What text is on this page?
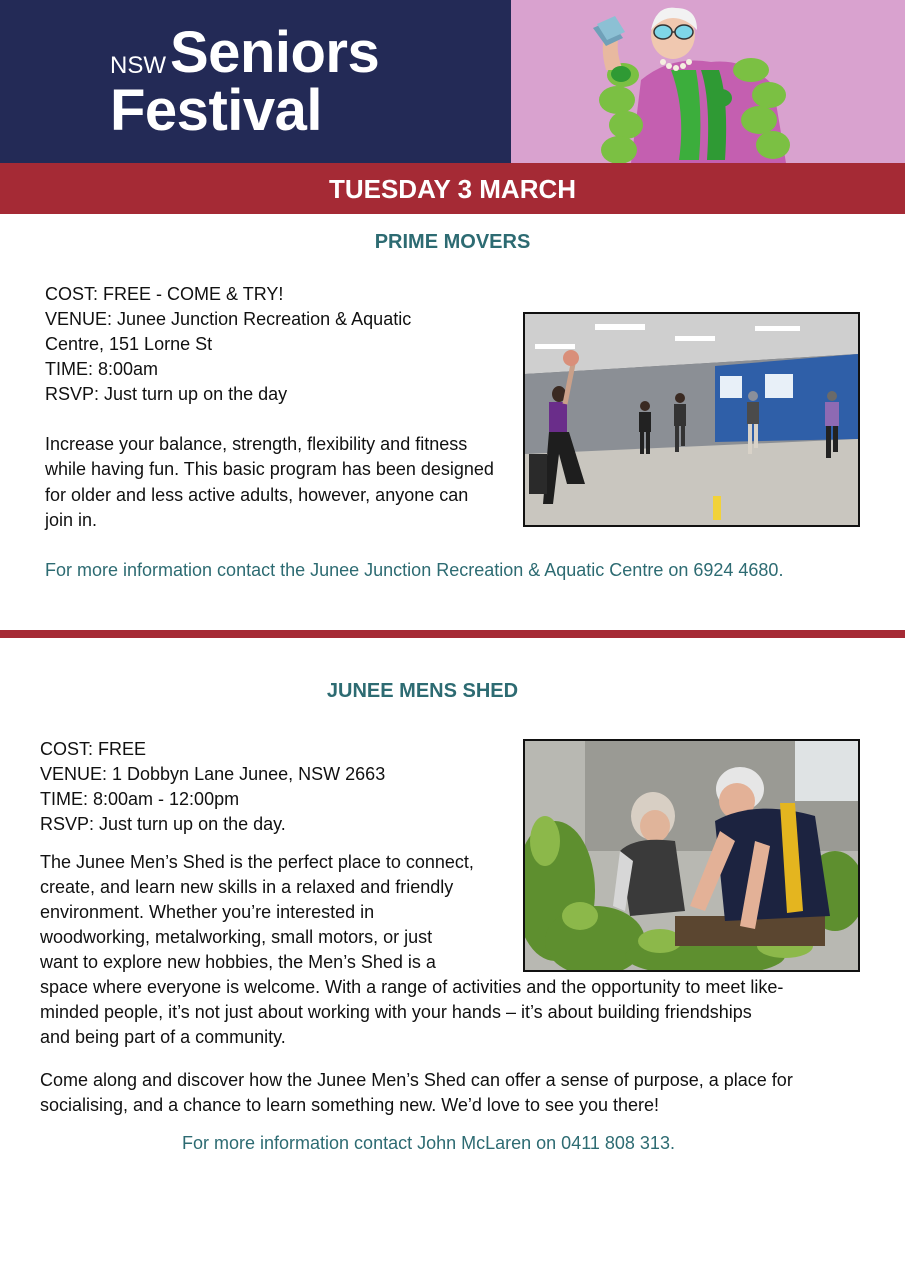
NSW Seniors
Festival
TUESDAY 3 MARCH
PRIME MOVERS
COST: FREE - COME & TRY!
VENUE: Junee Junction Recreation & Aquatic
Centre, 151 Lorne St
TIME: 8:00am
RSVP: Just turn up on the day

Increase your balance, strength, flexibility and fitness while having fun. This basic program has been designed for older and less active adults, however, anyone can join in.

For more information contact the Junee Junction Recreation & Aquatic Centre on 6924 4680.
JUNEE MENS SHED
COST: FREE
VENUE: 1 Dobbyn Lane Junee, NSW 2663
TIME: 8:00am - 12:00pm
RSVP: Just turn up on the day.
The Junee Men’s Shed is the perfect place to connect,
create, and learn new skills in a relaxed and friendly
environment. Whether you’re interested in
woodworking, metalworking, small motors, or just
want to explore new hobbies, the Men’s Shed is a
space where everyone is welcome. With a range of activities and the opportunity to meet like-
minded people, it’s not just about working with your hands – it’s about building friendships
and being part of a community.
Come along and discover how the Junee Men’s Shed can offer a sense of purpose, a place for
socialising, and a chance to learn something new. We’d love to see you there!
For more information contact John McLaren on 0411 808 313.
